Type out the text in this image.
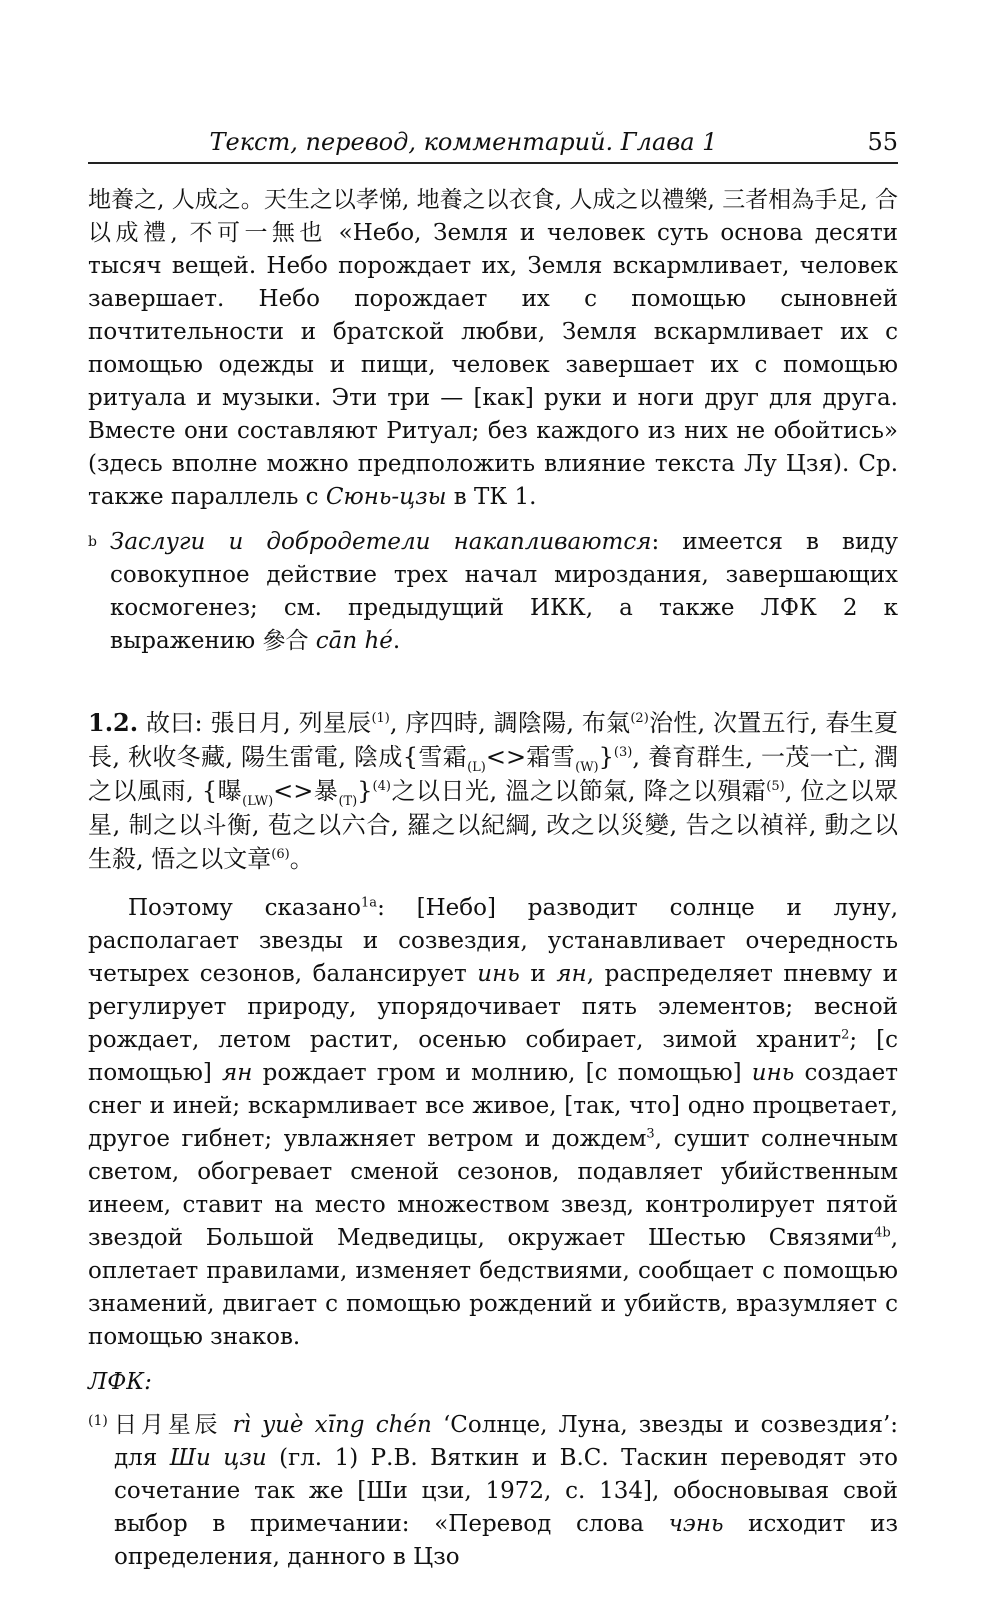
Текст, перевод, комментарий. Глава 1	55

地養之, 人成之。天生之以孝悌, 地養之以衣食, 人成之以禮樂, 三者相為手足, 合以成禮, 不可一無也 «Небо, Земля и человек суть основа десяти тысяч вещей. Небо порождает их, Земля вскармливает, человек завершает. Небо порождает их с помощью сыновней почтительности и братской любви, Земля вскармливает их с помощью одежды и пищи, человек завершает их с помощью ритуала и музыки. Эти три — [как] руки и ноги друг для друга. Вместе они составляют Ритуал; без каждого из них не обойтись» (здесь вполне можно предположить влияние текста Лу Цзя). Ср. также параллель с Сюнь-цзы в ТК 1.

b Заслуги и добродетели накапливаются: имеется в виду совокупное действие трех начал мироздания, завершающих космогенез; см. предыдущий ИКК, а также ЛФК 2 к выражению 參合 cān hé.

1.2. 故曰: 張日月, 列星辰$^{(1)}$, 序四時, 調陰陽, 布氣$^{(2)}$治性, 次置五行, 春生夏長, 秋收冬藏, 陽生雷電, 陰成{雪霜$_{(L)}$<>霜雪$_{(W)}$}$^{(3)}$, 養育群生, 一茂一亡, 潤之以風雨, {曝$_{(LW)}$<>暴$_{(T)}$}$^{(4)}$之以日光, 溫之以節氣, 降之以殞霜$^{(5)}$, 位之以眾星, 制之以斗衡, 苞之以六合, 羅之以紀綱, 改之以災變, 告之以禎祥, 動之以生殺, 悟之以文章$^{(6)}$。

Поэтому сказано$^{1a}$: [Небо] разводит солнце и луну, располагает звезды и созвездия, устанавливает очередность четырех сезонов, балансирует инь и ян, распределяет пневму и регулирует природу, упорядочивает пять элементов; весной рождает, летом растит, осенью собирает, зимой хранит$^2$; [с помощью] ян рождает гром и молнию, [с помощью] инь создает снег и иней; вскармливает все живое, [так, что] одно процветает, другое гибнет; увлажняет ветром и дождем$^3$, сушит солнечным светом, обогревает сменой сезонов, подавляет убийственным инеем, ставит на место множеством звезд, контролирует пятой звездой Большой Медведицы, окружает Шестью Связями$^{4b}$, оплетает правилами, изменяет бедствиями, сообщает с помощью знамений, двигает с помощью рождений и убийств, вразумляет с помощью знаков.

ЛФК:

(1) 日月星辰 rì yuè xīng chén ‘Солнце, Луна, звезды и созвездия’: для Ши цзи (гл. 1) Р.В. Вяткин и В.С. Таскин переводят это сочетание так же [Ши цзи, 1972, с. 134], обосновывая свой выбор в примечании: «Перевод слова чэнь исходит из определения, данного в Цзо
